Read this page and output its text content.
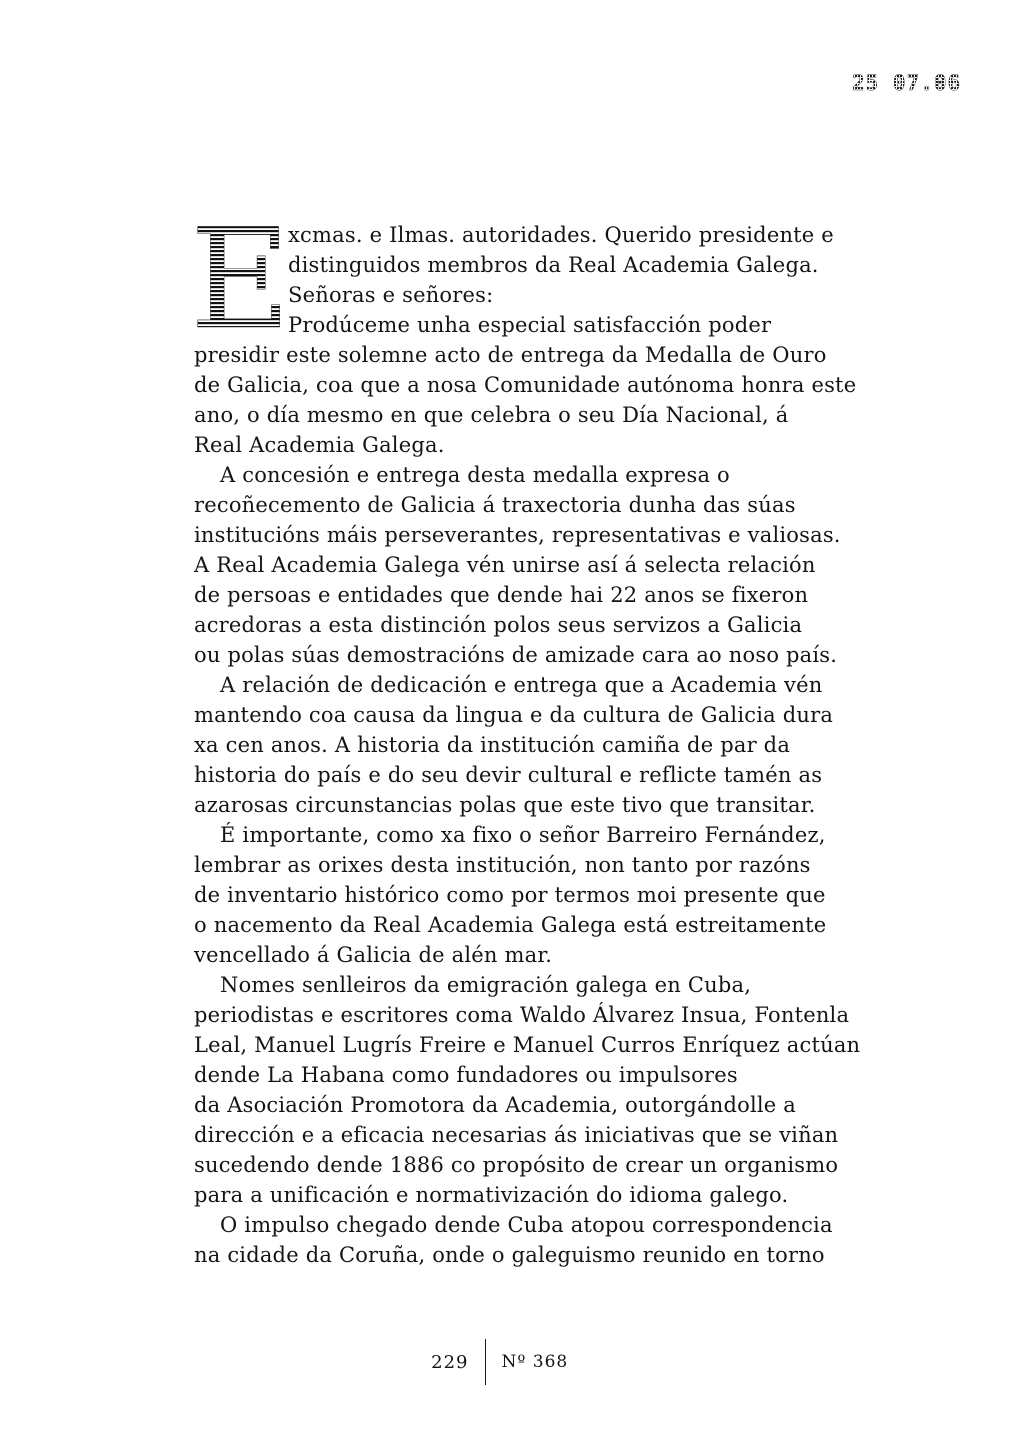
25 07.06
E
xcmas. e Ilmas. autoridades. Querido presidente e
distinguidos membros da Real Academia Galega.
Señoras e señores:
Prodúceme unha especial satisfacción poder
presidir este solemne acto de entrega da Medalla de Ouro
de Galicia, coa que a nosa Comunidade autónoma honra este
ano, o día mesmo en que celebra o seu Día Nacional, á
Real Academia Galega.
A concesión e entrega desta medalla expresa o
recoñecemento de Galicia á traxectoria dunha das súas
institucións máis perseverantes, representativas e valiosas.
A Real Academia Galega vén unirse así á selecta relación
de persoas e entidades que dende hai 22 anos se fixeron
acredoras a esta distinción polos seus servizos a Galicia
ou polas súas demostracións de amizade cara ao noso país.
A relación de dedicación e entrega que a Academia vén
mantendo coa causa da lingua e da cultura de Galicia dura
xa cen anos. A historia da institución camiña de par da
historia do país e do seu devir cultural e reflicte tamén as
azarosas circunstancias polas que este tivo que transitar.
É importante, como xa fixo o señor Barreiro Fernández,
lembrar as orixes desta institución, non tanto por razóns
de inventario histórico como por termos moi presente que
o nacemento da Real Academia Galega está estreitamente
vencellado á Galicia de alén mar.
Nomes senlleiros da emigración galega en Cuba,
periodistas e escritores coma Waldo Álvarez Insua, Fontenla
Leal, Manuel Lugrís Freire e Manuel Curros Enríquez actúan
dende La Habana como fundadores ou impulsores
da Asociación Promotora da Academia, outorgándolle a
dirección e a eficacia necesarias ás iniciativas que se viñan
sucedendo dende 1886 co propósito de crear un organismo
para a unificación e normativización do idioma galego.
O impulso chegado dende Cuba atopou correspondencia
na cidade da Coruña, onde o galeguismo reunido en torno
229	Nº 368
